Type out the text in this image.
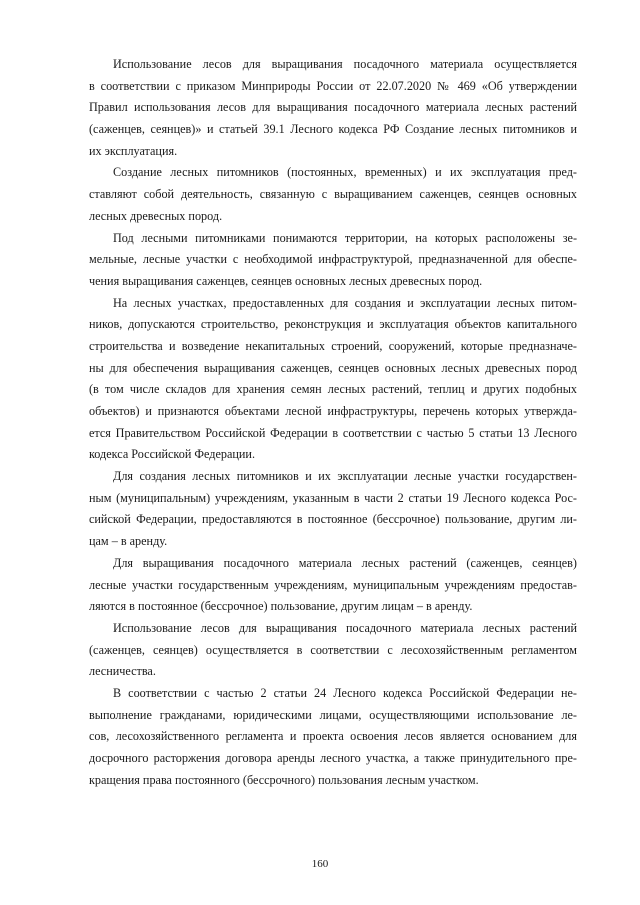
Использование лесов для выращивания посадочного материала осуществляется
в соответствии с приказом Минприроды России от 22.07.2020 № 469 «Об утверждении
Правил использования лесов для выращивания посадочного материала лесных растений
(саженцев, сеянцев)» и статьей 39.1 Лесного кодекса РФ Создание лесных питомников и
их эксплуатация.
Создание лесных питомников (постоянных, временных) и их эксплуатация пред-
ставляют собой деятельность, связанную с выращиванием саженцев, сеянцев основных
лесных древесных пород.
Под лесными питомниками понимаются территории, на которых расположены зе-
мельные, лесные участки с необходимой инфраструктурой, предназначенной для обеспе-
чения выращивания саженцев, сеянцев основных лесных древесных пород.
На лесных участках, предоставленных для создания и эксплуатации лесных питом-
ников, допускаются строительство, реконструкция и эксплуатация объектов капитального
строительства и возведение некапитальных строений, сооружений, которые предназначе-
ны для обеспечения выращивания саженцев, сеянцев основных лесных древесных пород
(в том числе складов для хранения семян лесных растений, теплиц и других подобных
объектов) и признаются объектами лесной инфраструктуры, перечень которых утвержда-
ется Правительством Российской Федерации в соответствии с частью 5 статьи 13 Лесного
кодекса Российской Федерации.
Для создания лесных питомников и их эксплуатации лесные участки государствен-
ным (муниципальным) учреждениям, указанным в части 2 статьи 19 Лесного кодекса Рос-
сийской Федерации, предоставляются в постоянное (бессрочное) пользование, другим ли-
цам – в аренду.
Для выращивания посадочного материала лесных растений (саженцев, сеянцев)
лесные участки государственным учреждениям, муниципальным учреждениям предостав-
ляются в постоянное (бессрочное) пользование, другим лицам – в аренду.
Использование лесов для выращивания посадочного материала лесных растений
(саженцев, сеянцев) осуществляется в соответствии с лесохозяйственным регламентом
лесничества.
В соответствии с частью 2 статьи 24 Лесного кодекса Российской Федерации не-
выполнение гражданами, юридическими лицами, осуществляющими использование ле-
сов, лесохозяйственного регламента и проекта освоения лесов является основанием для
досрочного расторжения договора аренды лесного участка, а также принудительного пре-
кращения права постоянного (бессрочного) пользования лесным участком.
160
